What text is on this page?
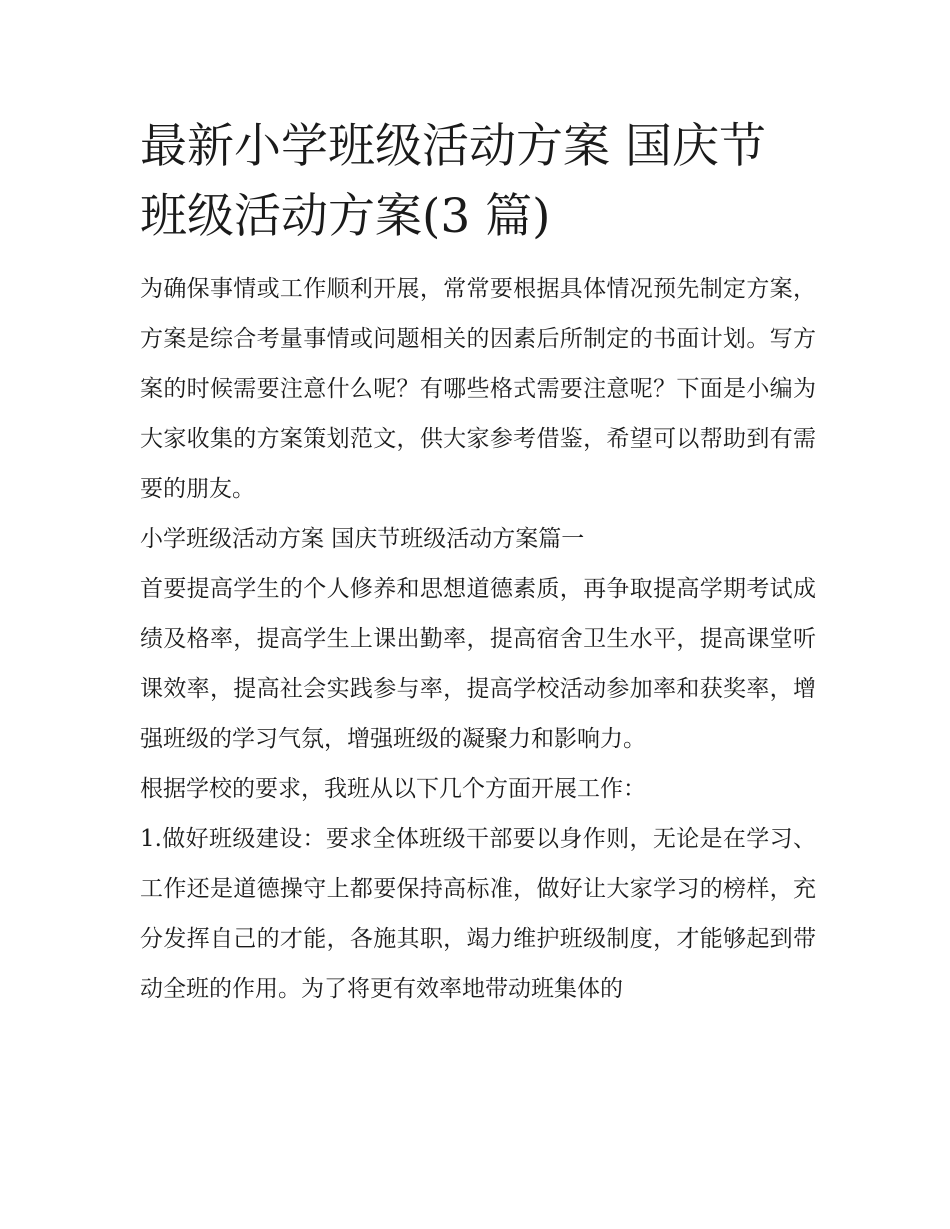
最新小学班级活动方案 国庆节
班级活动方案(3 篇)

为确保事情或工作顺利开展，常常要根据具体情况预先制定方案，方案是综合考量事情或问题相关的因素后所制定的书面计划。写方案的时候需要注意什么呢？有哪些格式需要注意呢？下面是小编为大家收集的方案策划范文，供大家参考借鉴，希望可以帮助到有需要的朋友。

小学班级活动方案 国庆节班级活动方案篇一

首要提高学生的个人修养和思想道德素质，再争取提高学期考试成绩及格率，提高学生上课出勤率，提高宿舍卫生水平，提高课堂听课效率，提高社会实践参与率，提高学校活动参加率和获奖率，增强班级的学习气氛，增强班级的凝聚力和影响力。

根据学校的要求，我班从以下几个方面开展工作：

1.做好班级建设：要求全体班级干部要以身作则，无论是在学习、工作还是道德操守上都要保持高标准，做好让大家学习的榜样，充分发挥自己的才能，各施其职，竭力维护班级制度，才能够起到带动全班的作用。为了将更有效率地带动班集体的
